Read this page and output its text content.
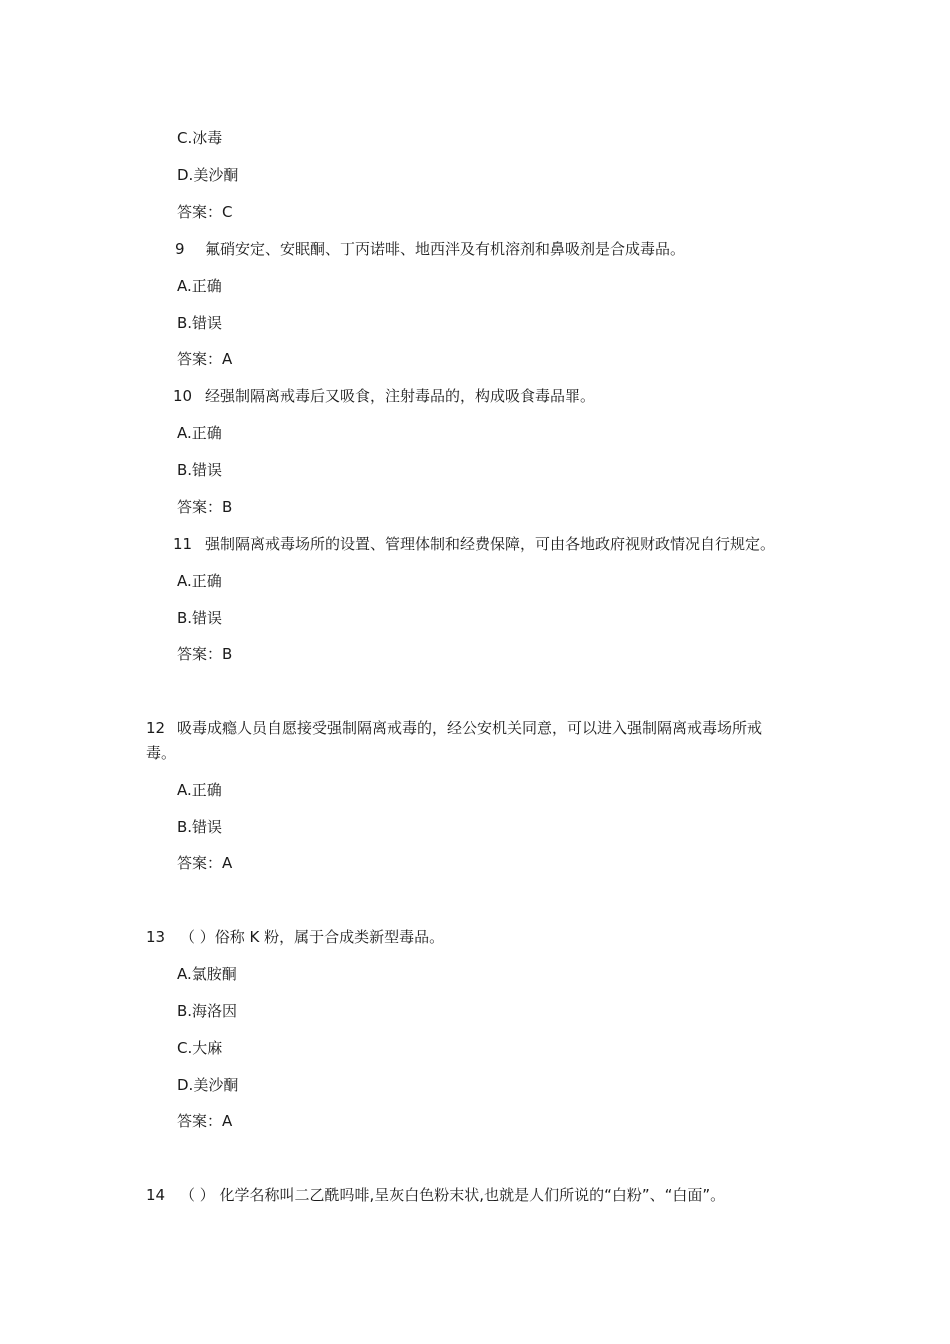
C.冰毒
D.美沙酮
答案：C
9 氟硝安定、安眠酮、丁丙诺啡、地西泮及有机溶剂和鼻吸剂是合成毒品。
A.正确
B.错误
答案：A
10 经强制隔离戒毒后又吸食，注射毒品的，构成吸食毒品罪。
A.正确
B.错误
答案：B
11 强制隔离戒毒场所的设置、管理体制和经费保障，可由各地政府视财政情况自行规定。
A.正确
B.错误
答案：B
12 吸毒成瘾人员自愿接受强制隔离戒毒的，经公安机关同意，可以进入强制隔离戒毒场所戒
毒。
A.正确
B.错误
答案：A
13 （ ）俗称 K 粉，属于合成类新型毒品。
A.氯胺酮
B.海洛因
C.大麻
D.美沙酮
答案：A
14 （ ） 化学名称叫二乙酰吗啡,呈灰白色粉末状,也就是人们所说的“白粉”、“白面”。
